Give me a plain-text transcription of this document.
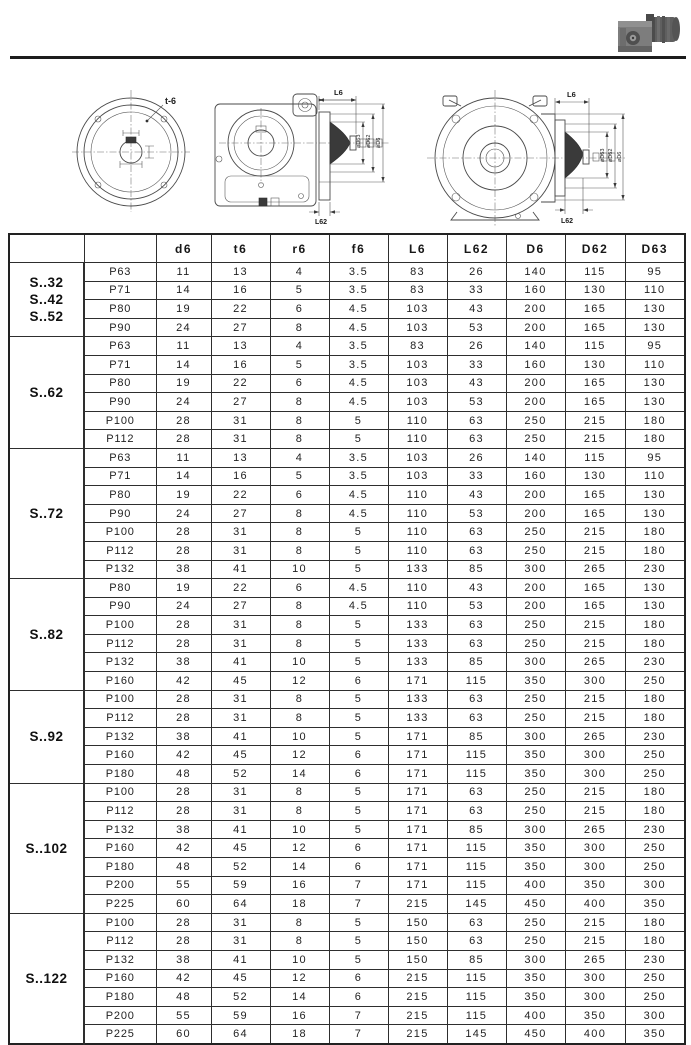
t-6
L6
⌀D63 ⌀D62 ⌀D6
L62
L6
⌀D63 ⌀D62 ⌀D6
L62
		d6	t6	r6	f6	L6	L62	D6	D62	D63

S..32
S..42
S..52	P63	11	13	4	3.5	83	26	140	115	95
	P71	14	16	5	3.5	83	33	160	130	110
	P80	19	22	6	4.5	103	43	200	165	130
	P90	24	27	8	4.5	103	53	200	165	130

S..62	P63	11	13	4	3.5	83	26	140	115	95
	P71	14	16	5	3.5	103	33	160	130	110
	P80	19	22	6	4.5	103	43	200	165	130
	P90	24	27	8	4.5	103	53	200	165	130
	P100	28	31	8	5	110	63	250	215	180
	P112	28	31	8	5	110	63	250	215	180

S..72	P63	11	13	4	3.5	103	26	140	115	95
	P71	14	16	5	3.5	103	33	160	130	110
	P80	19	22	6	4.5	110	43	200	165	130
	P90	24	27	8	4.5	110	53	200	165	130
	P100	28	31	8	5	110	63	250	215	180
	P112	28	31	8	5	110	63	250	215	180
	P132	38	41	10	5	133	85	300	265	230

S..82	P80	19	22	6	4.5	110	43	200	165	130
	P90	24	27	8	4.5	110	53	200	165	130
	P100	28	31	8	5	133	63	250	215	180
	P112	28	31	8	5	133	63	250	215	180
	P132	38	41	10	5	133	85	300	265	230
	P160	42	45	12	6	171	115	350	300	250

S..92	P100	28	31	8	5	133	63	250	215	180
	P112	28	31	8	5	133	63	250	215	180
	P132	38	41	10	5	171	85	300	265	230
	P160	42	45	12	6	171	115	350	300	250
	P180	48	52	14	6	171	115	350	300	250

S..102	P100	28	31	8	5	171	63	250	215	180
	P112	28	31	8	5	171	63	250	215	180
	P132	38	41	10	5	171	85	300	265	230
	P160	42	45	12	6	171	115	350	300	250
	P180	48	52	14	6	171	115	350	300	250
	P200	55	59	16	7	171	115	400	350	300
	P225	60	64	18	7	215	145	450	400	350

S..122	P100	28	31	8	5	150	63	250	215	180
	P112	28	31	8	5	150	63	250	215	180
	P132	38	41	10	5	150	85	300	265	230
	P160	42	45	12	6	215	115	350	300	250
	P180	48	52	14	6	215	115	350	300	250
	P200	55	59	16	7	215	115	400	350	300
	P225	60	64	18	7	215	145	450	400	350
